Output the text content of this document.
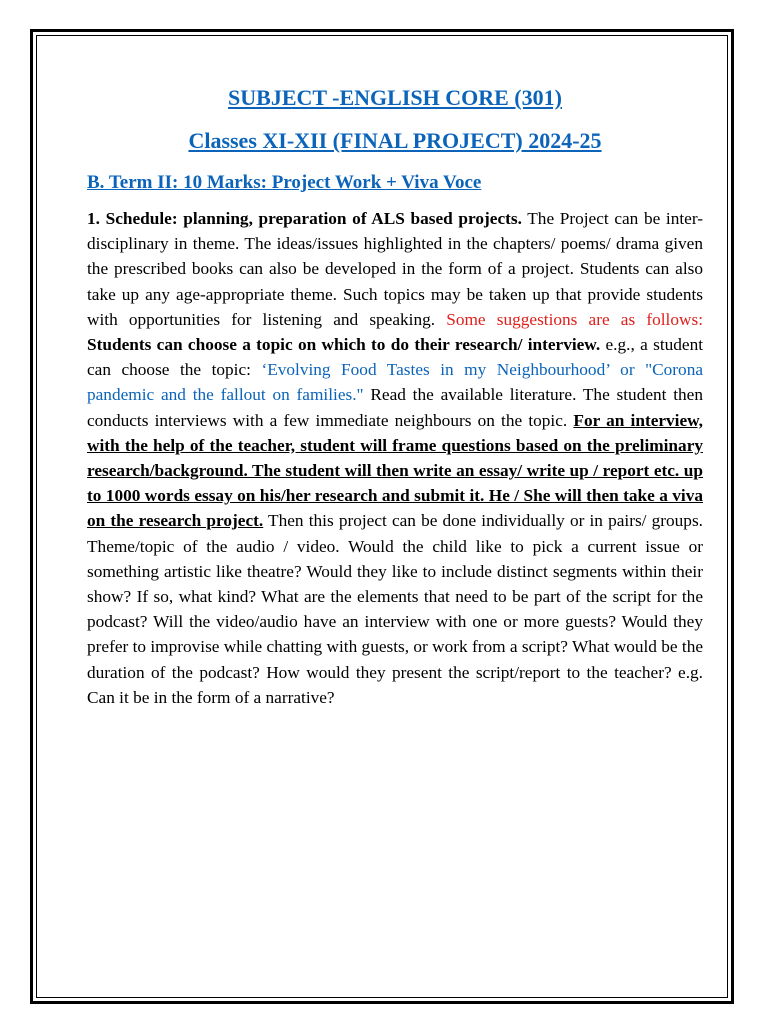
SUBJECT -ENGLISH CORE (301)
Classes XI-XII (FINAL PROJECT) 2024-25
B. Term II: 10 Marks: Project Work + Viva Voce

1. Schedule: planning, preparation of ALS based projects. The Project can be inter-disciplinary in theme. The ideas/issues highlighted in the chapters/ poems/ drama given the prescribed books can also be developed in the form of a project. Students can also take up any age-appropriate theme. Such topics may be taken up that provide students with opportunities for listening and speaking. Some suggestions are as follows: Students can choose a topic on which to do their research/ interview. e.g., a student can choose the topic: ‘Evolving Food Tastes in my Neighbourhood’ or "Corona pandemic and the fallout on families." Read the available literature. The student then conducts interviews with a few immediate neighbours on the topic. For an interview, with the help of the teacher, student will frame questions based on the preliminary research/background. The student will then write an essay/ write up / report etc. up to 1000 words essay on his/her research and submit it. He / She will then take a viva on the research project. Then this project can be done individually or in pairs/ groups. Theme/topic of the audio / video. Would the child like to pick a current issue or something artistic like theatre? Would they like to include distinct segments within their show? If so, what kind? What are the elements that need to be part of the script for the podcast? Will the video/audio have an interview with one or more guests? Would they prefer to improvise while chatting with guests, or work from a script? What would be the duration of the podcast? How would they present the script/report to the teacher? e.g. Can it be in the form of a narrative?
